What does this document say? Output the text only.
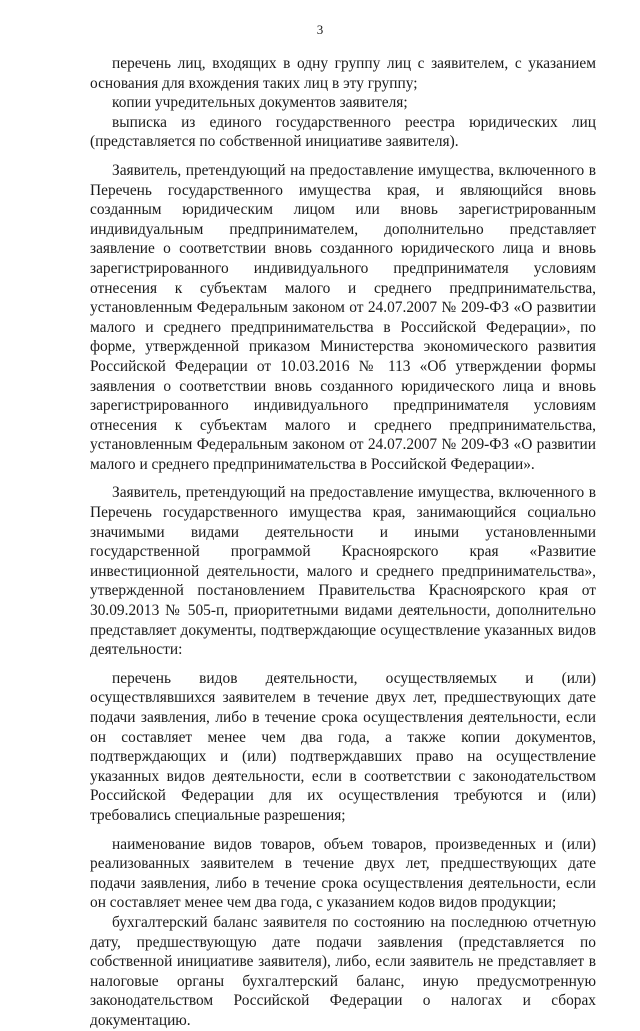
3

перечень лиц, входящих в одну группу лиц с заявителем, с указанием основания для вхождения таких лиц в эту группу;

копии учредительных документов заявителя;

выписка из единого государственного реестра юридических лиц (представляется по собственной инициативе заявителя).

Заявитель, претендующий на предоставление имущества, включенного в Перечень государственного имущества края, и являющийся вновь созданным юридическим лицом или вновь зарегистрированным индивидуальным предпринимателем, дополнительно представляет заявление о соответствии вновь созданного юридического лица и вновь зарегистрированного индивидуального предпринимателя условиям отнесения к субъектам малого и среднего предпринимательства, установленным Федеральным законом от 24.07.2007 № 209-ФЗ «О развитии малого и среднего предпринимательства в Российской Федерации», по форме, утвержденной приказом Министерства экономического развития Российской Федерации от 10.03.2016 № 113 «Об утверждении формы заявления о соответствии вновь созданного юридического лица и вновь зарегистрированного индивидуального предпринимателя условиям отнесения к субъектам малого и среднего предпринимательства, установленным Федеральным законом от 24.07.2007 № 209-ФЗ «О развитии малого и среднего предпринимательства в Российской Федерации».

Заявитель, претендующий на предоставление имущества, включенного в Перечень государственного имущества края, занимающийся социально значимыми видами деятельности и иными установленными государственной программой Красноярского края «Развитие инвестиционной деятельности, малого и среднего предпринимательства», утвержденной постановлением Правительства Красноярского края от 30.09.2013 № 505-п, приоритетными видами деятельности, дополнительно представляет документы, подтверждающие осуществление указанных видов деятельности:

перечень видов деятельности, осуществляемых и (или) осуществлявшихся заявителем в течение двух лет, предшествующих дате подачи заявления, либо в течение срока осуществления деятельности, если он составляет менее чем два года, а также копии документов, подтверждающих и (или) подтверждавших право на осуществление указанных видов деятельности, если в соответствии с законодательством Российской Федерации для их осуществления требуются и (или) требовались специальные разрешения;

наименование видов товаров, объем товаров, произведенных и (или) реализованных заявителем в течение двух лет, предшествующих дате подачи заявления, либо в течение срока осуществления деятельности, если он составляет менее чем два года, с указанием кодов видов продукции;

бухгалтерский баланс заявителя по состоянию на последнюю отчетную дату, предшествующую дате подачи заявления (представляется по собственной инициативе заявителя), либо, если заявитель не представляет в налоговые органы бухгалтерский баланс, иную предусмотренную законодательством Российской Федерации о налогах и сборах документацию.
